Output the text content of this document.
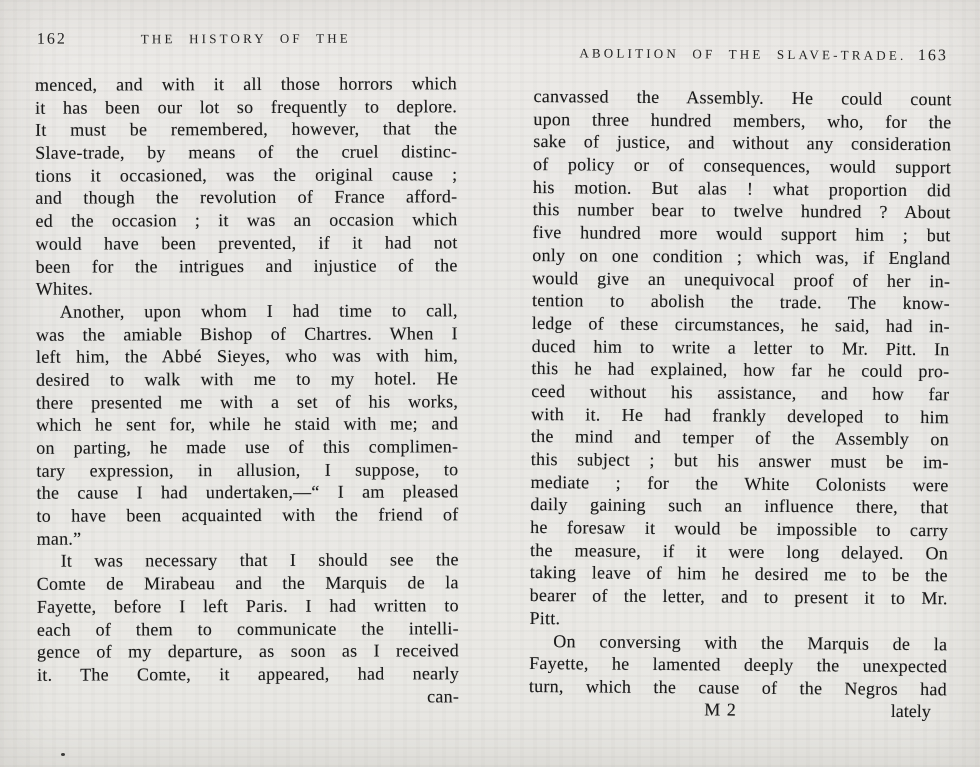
162	THE HISTORY OF THE
menced, and with it all those horrors which
it has been our lot so frequently to deplore.
It must be remembered, however, that the
Slave-trade, by means of the cruel distinc-
tions it occasioned, was the original cause ;
and though the revolution of France afford-
ed the occasion ; it was an occasion which
would have been prevented, if it had not
been for the intrigues and injustice of the
Whites.
Another, upon whom I had time to call,
was the amiable Bishop of Chartres. When I
left him, the Abbé Sieyes, who was with him,
desired to walk with me to my hotel. He
there presented me with a set of his works,
which he sent for, while he staid with me; and
on parting, he made use of this complimen-
tary expression, in allusion, I suppose, to
the cause I had undertaken,—“ I am pleased
to have been acquainted with the friend of
man.”
It was necessary that I should see the
Comte de Mirabeau and the Marquis de la
Fayette, before I left Paris. I had written to
each of them to communicate the intelli-
gence of my departure, as soon as I received
it. The Comte, it appeared, had nearly
can-
ABOLITION OF THE SLAVE-TRADE. 163
canvassed the Assembly. He could count
upon three hundred members, who, for the
sake of justice, and without any consideration
of policy or of consequences, would support
his motion. But alas ! what proportion did
this number bear to twelve hundred ? About
five hundred more would support him ; but
only on one condition ; which was, if England
would give an unequivocal proof of her in-
tention to abolish the trade. The know-
ledge of these circumstances, he said, had in-
duced him to write a letter to Mr. Pitt. In
this he had explained, how far he could pro-
ceed without his assistance, and how far
with it. He had frankly developed to him
the mind and temper of the Assembly on
this subject ; but his answer must be im-
mediate ; for the White Colonists were
daily gaining such an influence there, that
he foresaw it would be impossible to carry
the measure, if it were long delayed. On
taking leave of him he desired me to be the
bearer of the letter, and to present it to Mr.
Pitt.
On conversing with the Marquis de la
Fayette, he lamented deeply the unexpected
turn, which the cause of the Negros had
M 2	lately
